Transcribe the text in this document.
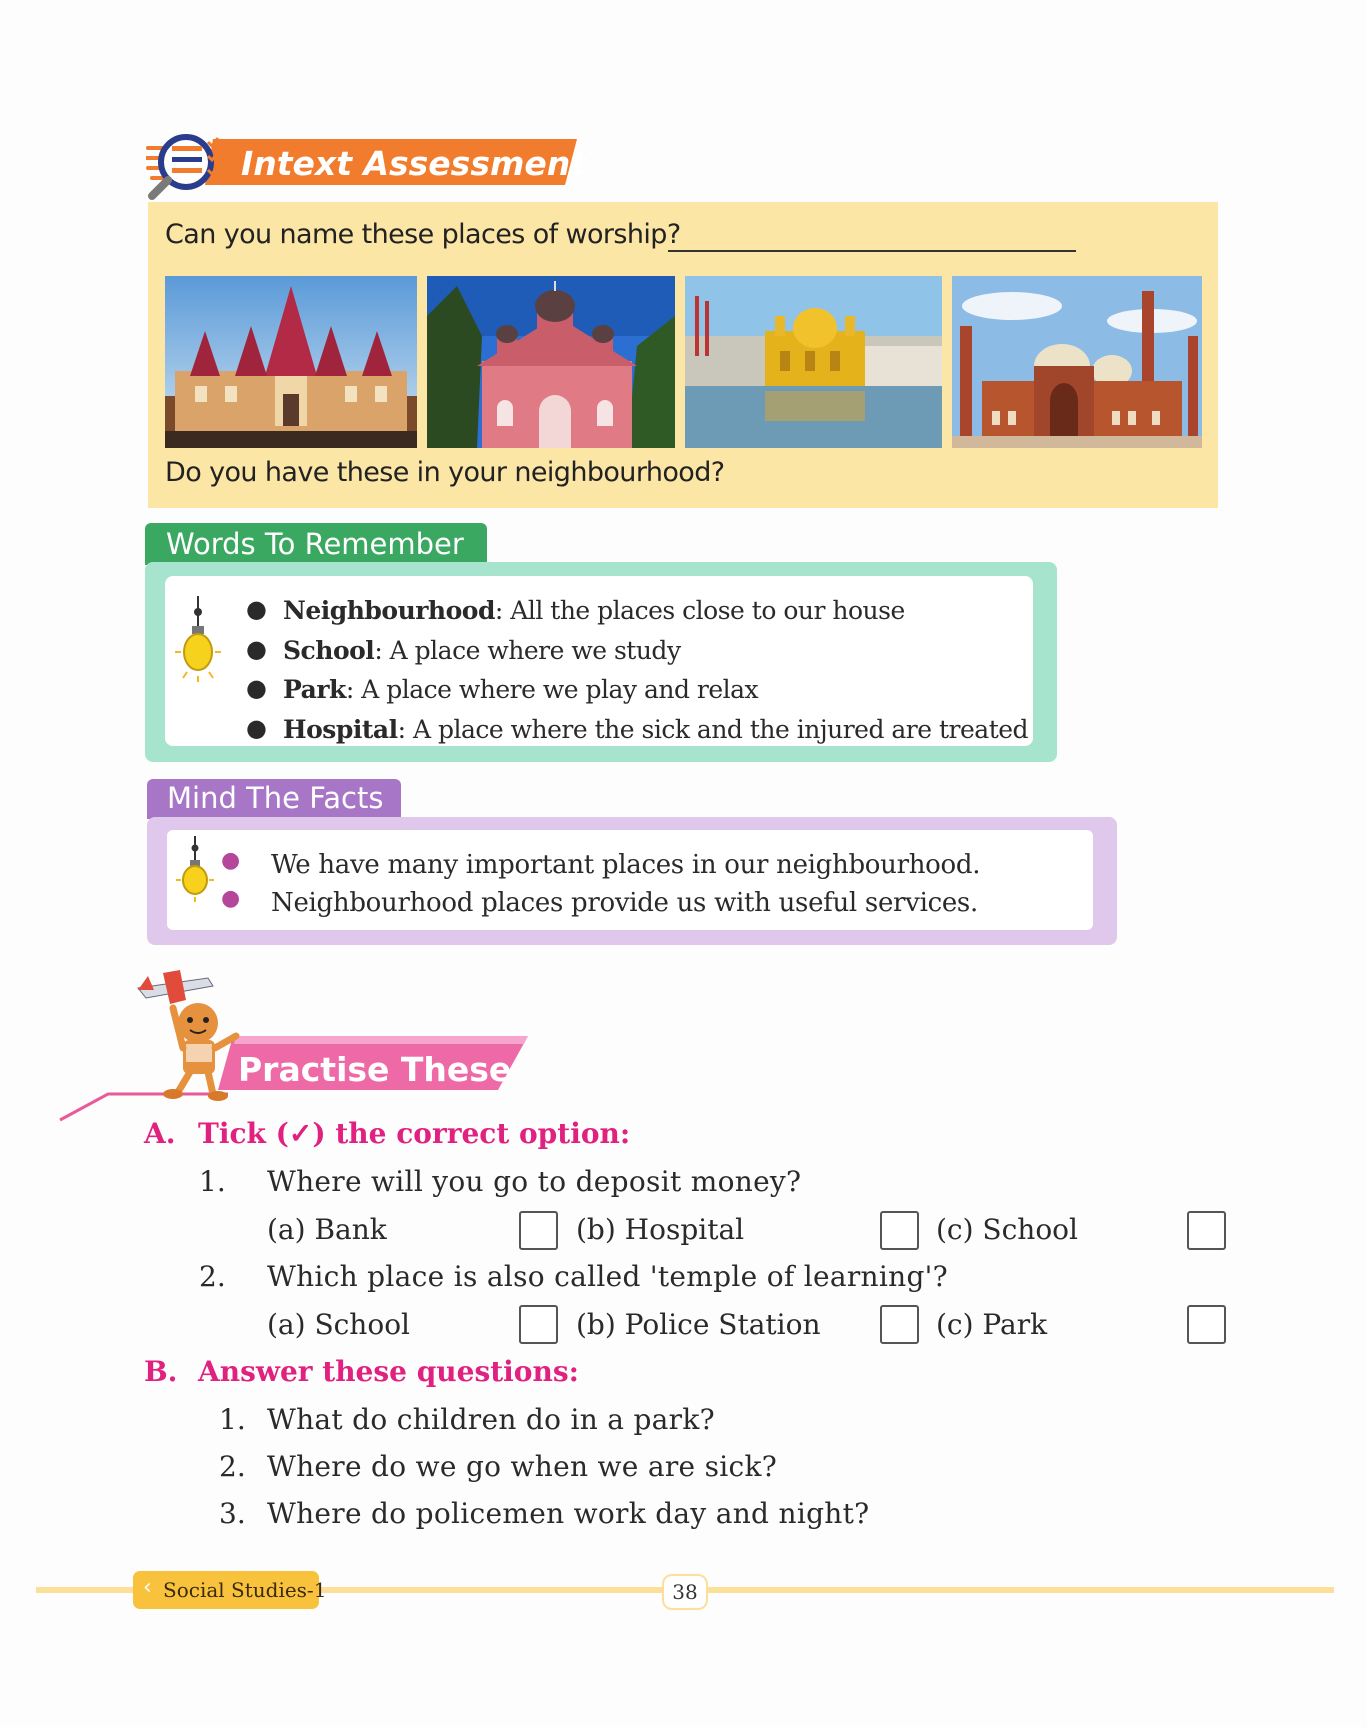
Intext Assessment
Can you name these places of worship?
Do you have these in your neighbourhood?
Words To Remember
● Neighbourhood: All the places close to our house
● School: A place where we study
● Park: A place where we play and relax
● Hospital: A place where the sick and the injured are treated
Mind The Facts
● We have many important places in our neighbourhood.
● Neighbourhood places provide us with useful services.
Practise These
A. Tick (✓) the correct option:
1. Where will you go to deposit money?
(a) Bank	(b) Hospital	(c) School
2. Which place is also called 'temple of learning'?
(a) School	(b) Police Station	(c) Park
B. Answer these questions:
1. What do children do in a park?
2. Where do we go when we are sick?
3. Where do policemen work day and night?
‹ Social Studies-1	38
